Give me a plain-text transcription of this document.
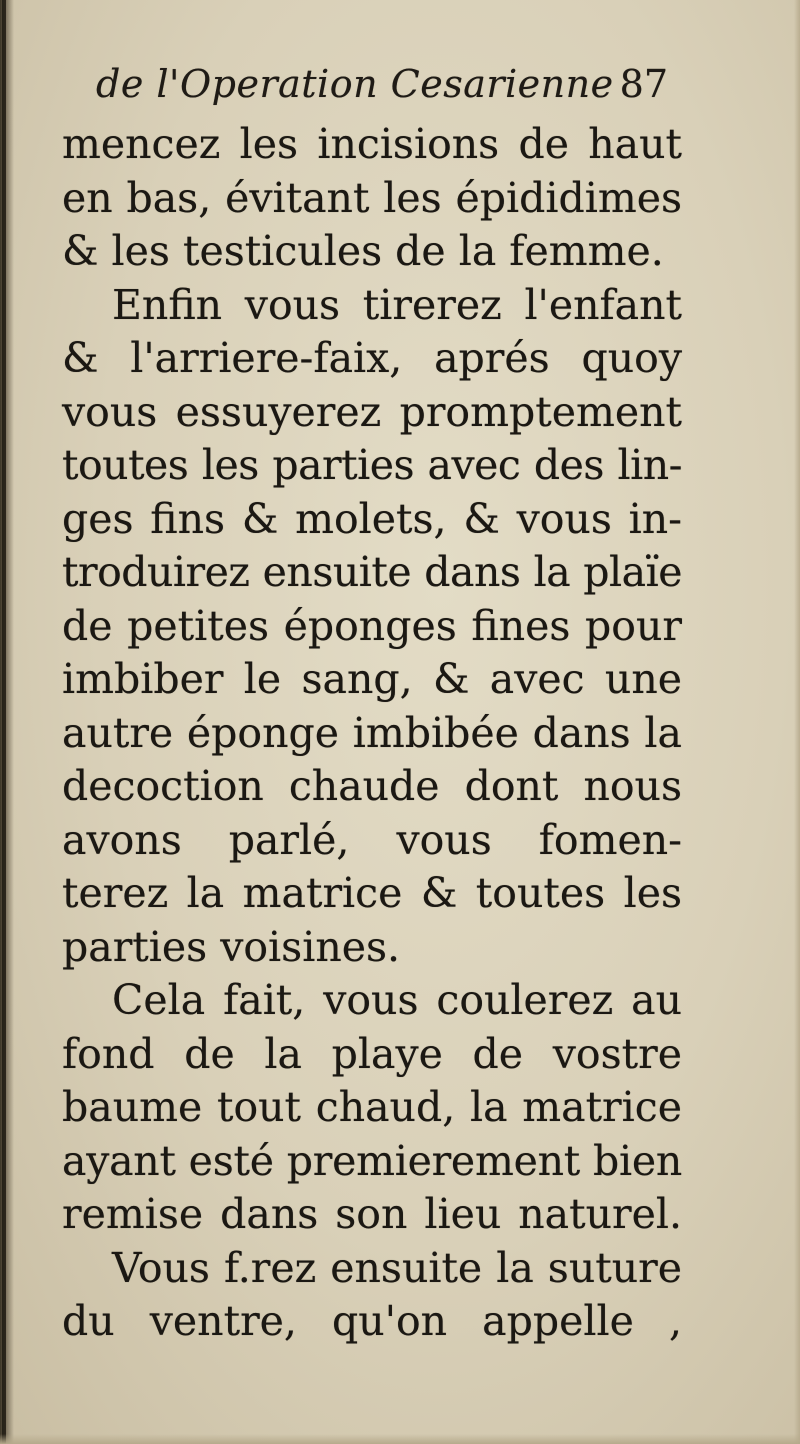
de l'Operation Cesarienne 87
mencez les incisions de haut
en bas, évitant les épididimes
& les testicules de la femme.
Enfin vous tirerez l'enfant
& l'arriere-faix, aprés quoy
vous essuyerez promptement
toutes les parties avec des lin-
ges fins & molets, & vous in-
troduirez ensuite dans la plaïe
de petites éponges fines pour
imbiber le sang, & avec une
autre éponge imbibée dans la
decoction chaude dont nous
avons parlé, vous fomen-
terez la matrice & toutes les
parties voisines.
Cela fait, vous coulerez au
fond de la playe de vostre
baume tout chaud, la matrice
ayant esté premierement bien
remise dans son lieu naturel.
Vous f.rez ensuite la suture
du ventre, qu'on appelle ,
